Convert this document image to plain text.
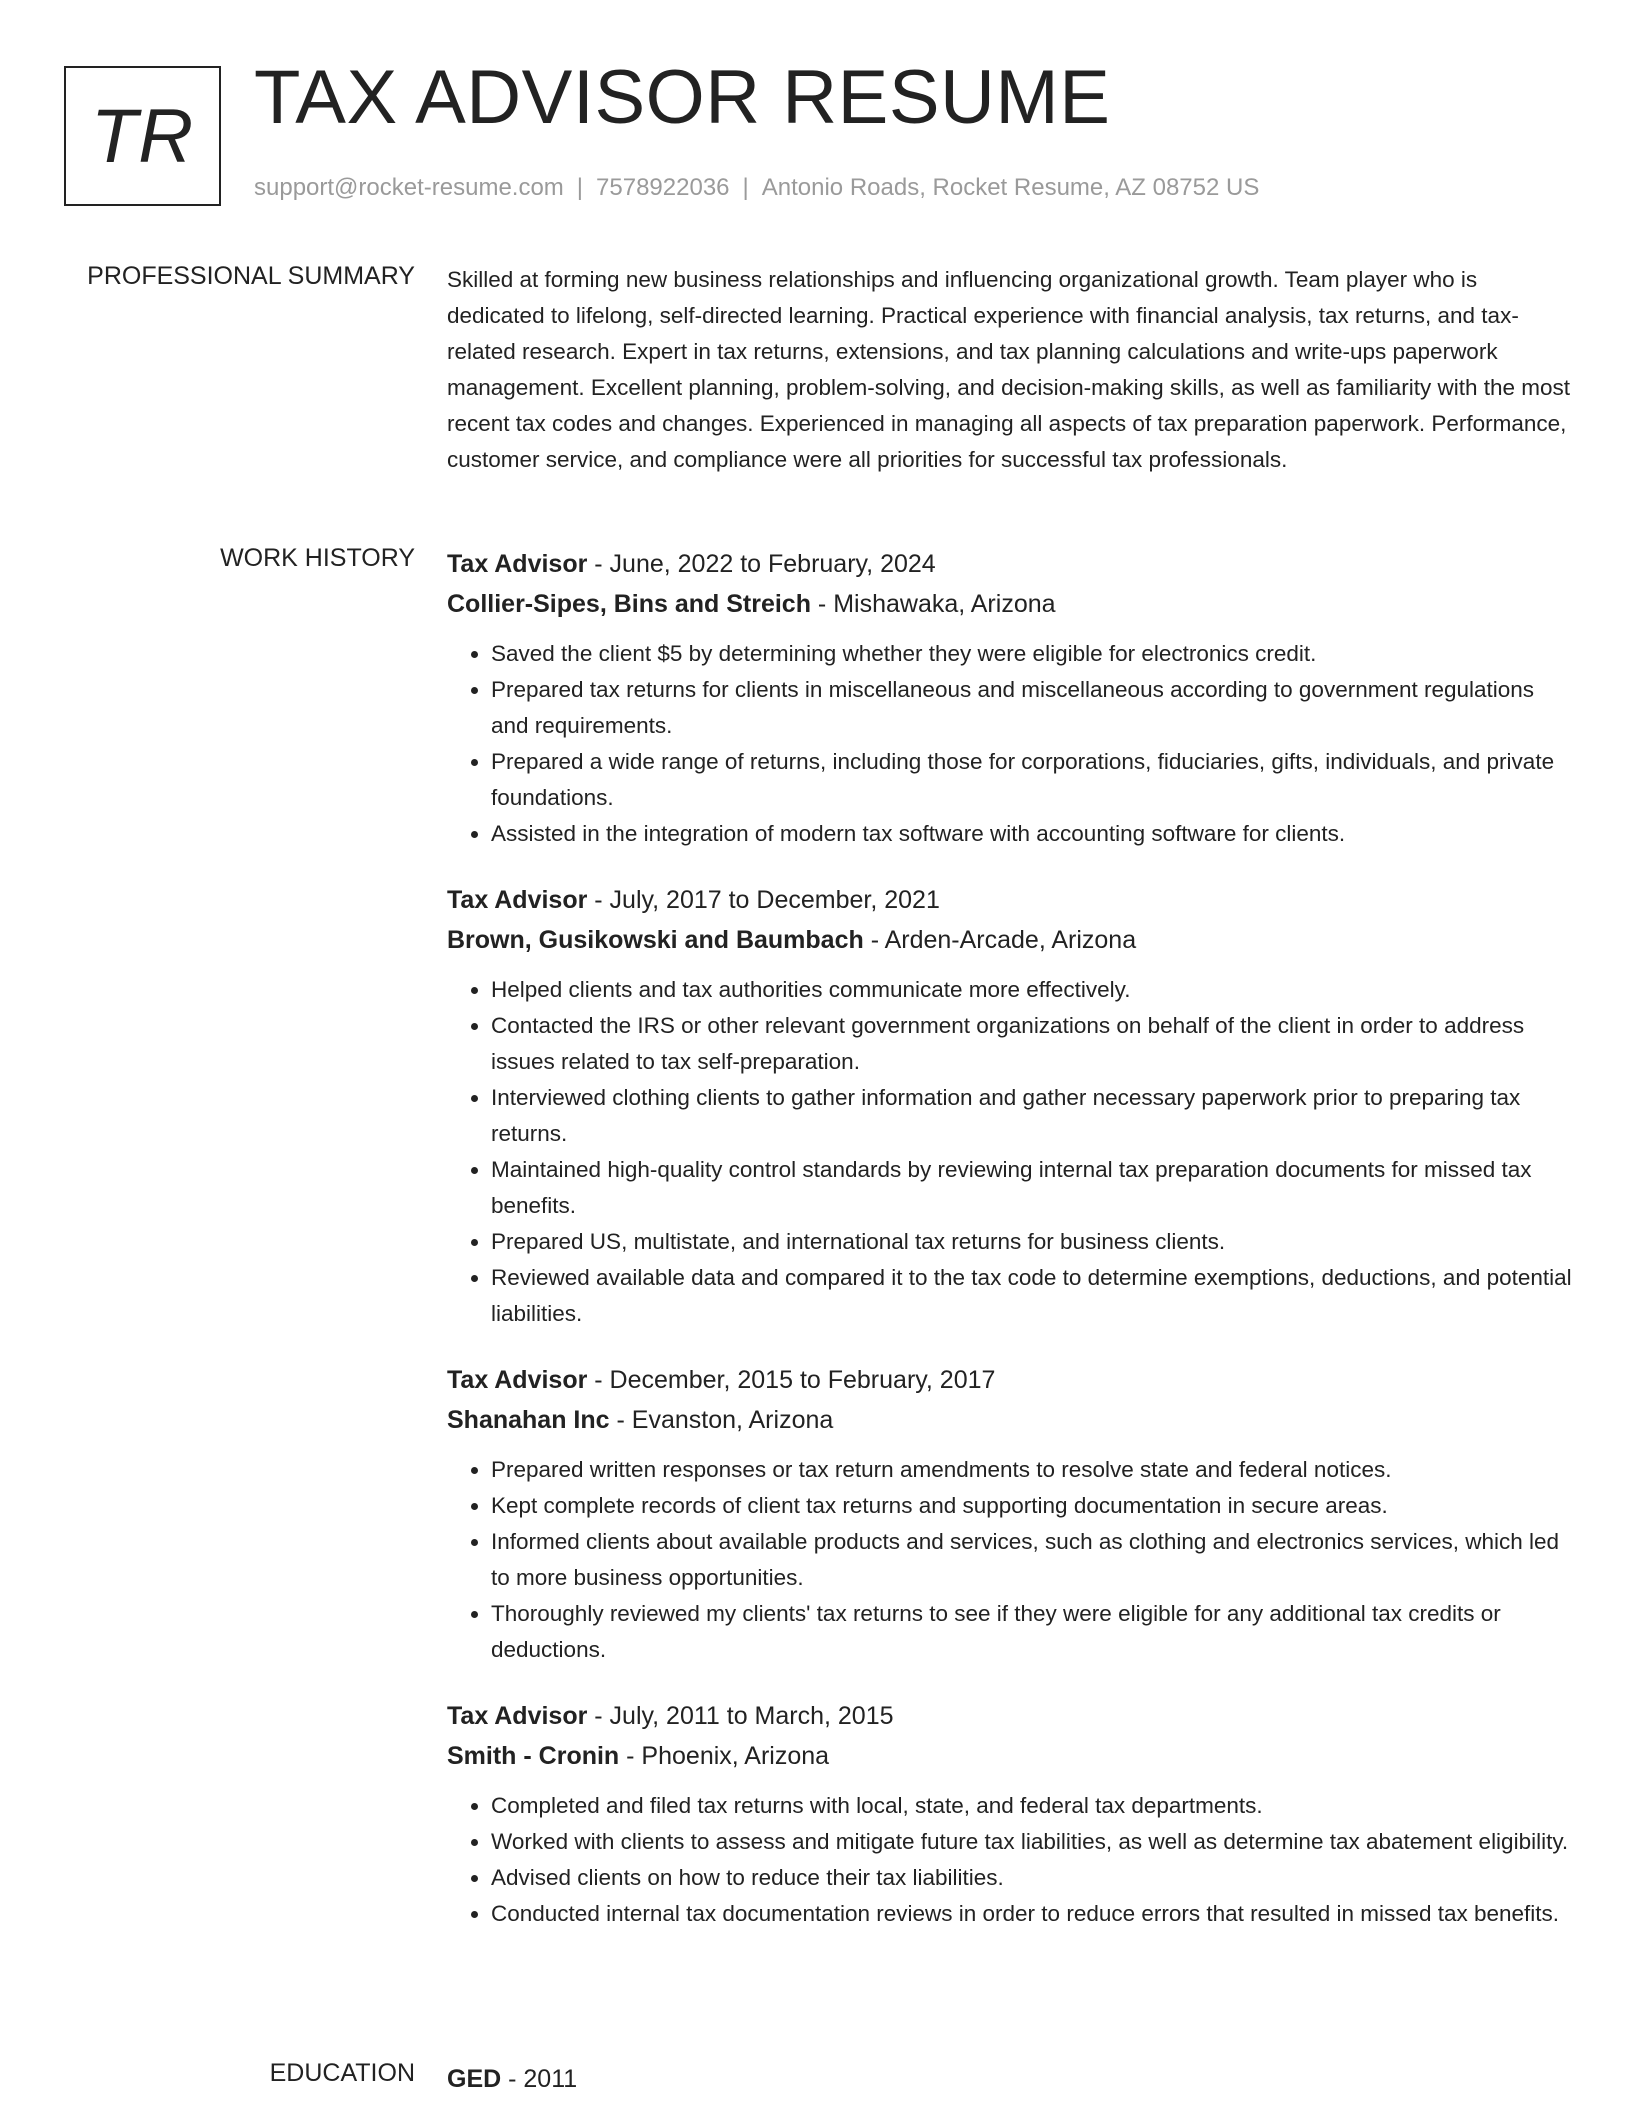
TR TAX ADVISOR RESUME
support@rocket-resume.com | 7578922036 | Antonio Roads, Rocket Resume, AZ 08752 US
PROFESSIONAL SUMMARY Skilled at forming new business relationships and influencing organizational growth. Team player who is dedicated to lifelong, self-directed learning. Practical experience with financial analysis, tax returns, and tax-related research. Expert in tax returns, extensions, and tax planning calculations and write-ups paperwork management. Excellent planning, problem-solving, and decision-making skills, as well as familiarity with the most recent tax codes and changes. Experienced in managing all aspects of tax preparation paperwork. Performance, customer service, and compliance were all priorities for successful tax professionals.

WORK HISTORY Tax Advisor - June, 2022 to February, 2024
Collier-Sipes, Bins and Streich - Mishawaka, Arizona
• Saved the client $5 by determining whether they were eligible for electronics credit.
• Prepared tax returns for clients in miscellaneous and miscellaneous according to government regulations and requirements.
• Prepared a wide range of returns, including those for corporations, fiduciaries, gifts, individuals, and private foundations.
• Assisted in the integration of modern tax software with accounting software for clients.
Tax Advisor - July, 2017 to December, 2021
Brown, Gusikowski and Baumbach - Arden-Arcade, Arizona
• Helped clients and tax authorities communicate more effectively.
• Contacted the IRS or other relevant government organizations on behalf of the client in order to address issues related to tax self-preparation.
• Interviewed clothing clients to gather information and gather necessary paperwork prior to preparing tax returns.
• Maintained high-quality control standards by reviewing internal tax preparation documents for missed tax benefits.
• Prepared US, multistate, and international tax returns for business clients.
• Reviewed available data and compared it to the tax code to determine exemptions, deductions, and potential liabilities.
Tax Advisor - December, 2015 to February, 2017
Shanahan Inc - Evanston, Arizona
• Prepared written responses or tax return amendments to resolve state and federal notices.
• Kept complete records of client tax returns and supporting documentation in secure areas.
• Informed clients about available products and services, such as clothing and electronics services, which led to more business opportunities.
• Thoroughly reviewed my clients' tax returns to see if they were eligible for any additional tax credits or deductions.
Tax Advisor - July, 2011 to March, 2015
Smith - Cronin - Phoenix, Arizona
• Completed and filed tax returns with local, state, and federal tax departments.
• Worked with clients to assess and mitigate future tax liabilities, as well as determine tax abatement eligibility.
• Advised clients on how to reduce their tax liabilities.
• Conducted internal tax documentation reviews in order to reduce errors that resulted in missed tax benefits.
EDUCATION GED - 2011
